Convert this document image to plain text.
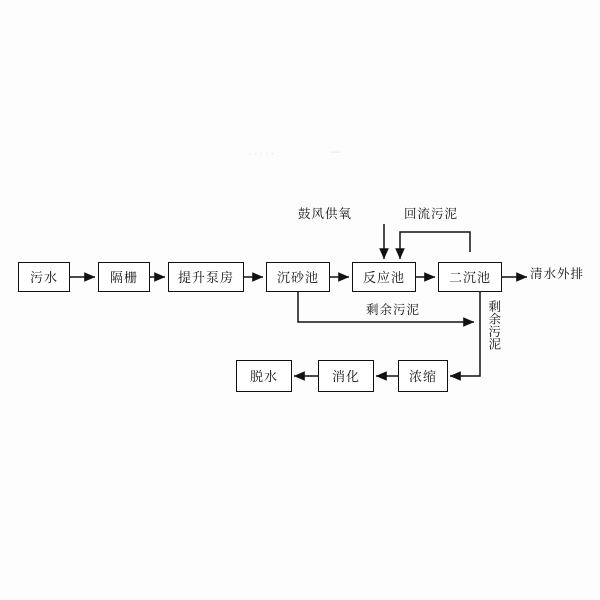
污水	隔栅	提升泵房	沉砂池	反应池	二沉池
脱水	消化	浓缩
鼓风供氧	回流污泥
清水外排
剩余污泥	剩余污泥
·····	—
